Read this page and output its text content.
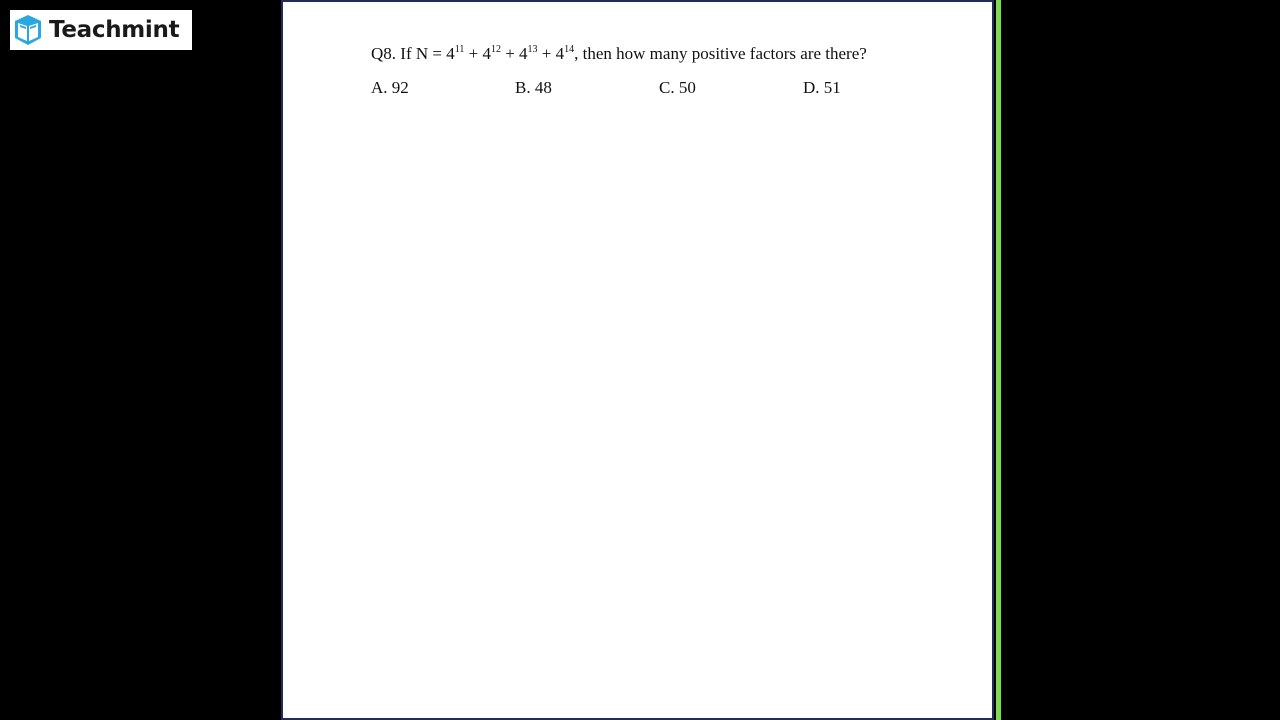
Teachmint
Q8. If $N = 4^{11} + 4^{12} + 4^{13} + 4^{14}$, then how many positive factors are there?
A. 92	B. 48	C. 50	D. 51
